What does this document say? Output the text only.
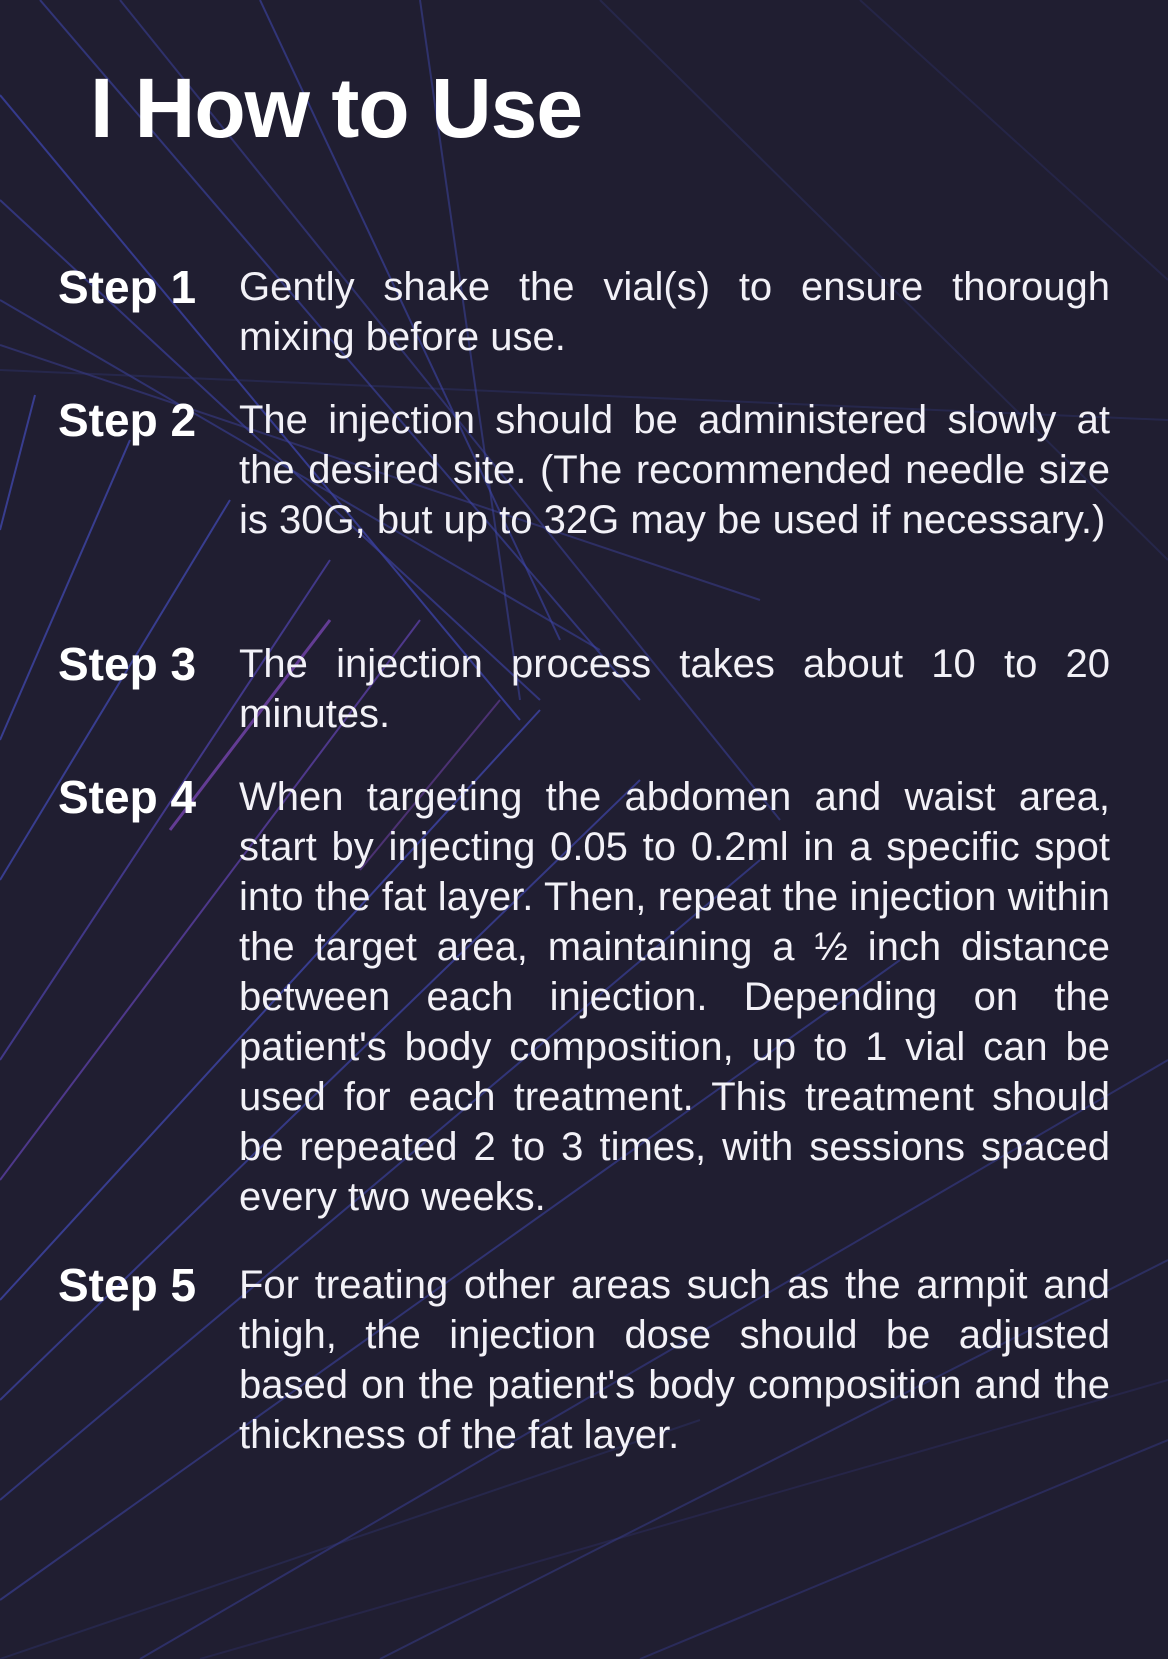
I How to Use
Step 1 Gently shake the vial(s) to ensure thorough mixing before use.

Step 2 The injection should be administered slowly at the desired site. (The recommended needle size is 30G, but up to 32G may be used if necessary.)

Step 3 The injection process takes about 10 to 20 minutes.

Step 4 When targeting the abdomen and waist area, start by injecting 0.05 to 0.2ml in a specific spot into the fat layer. Then, repeat the injection within the target area, maintaining a ½ inch distance between each injection. Depending on the patient's body composition, up to 1 vial can be used for each treatment. This treatment should be repeated 2 to 3 times, with sessions spaced every two weeks.

Step 5 For treating other areas such as the armpit and thigh, the injection dose should be adjusted based on the patient's body composition and the thickness of the fat layer.
